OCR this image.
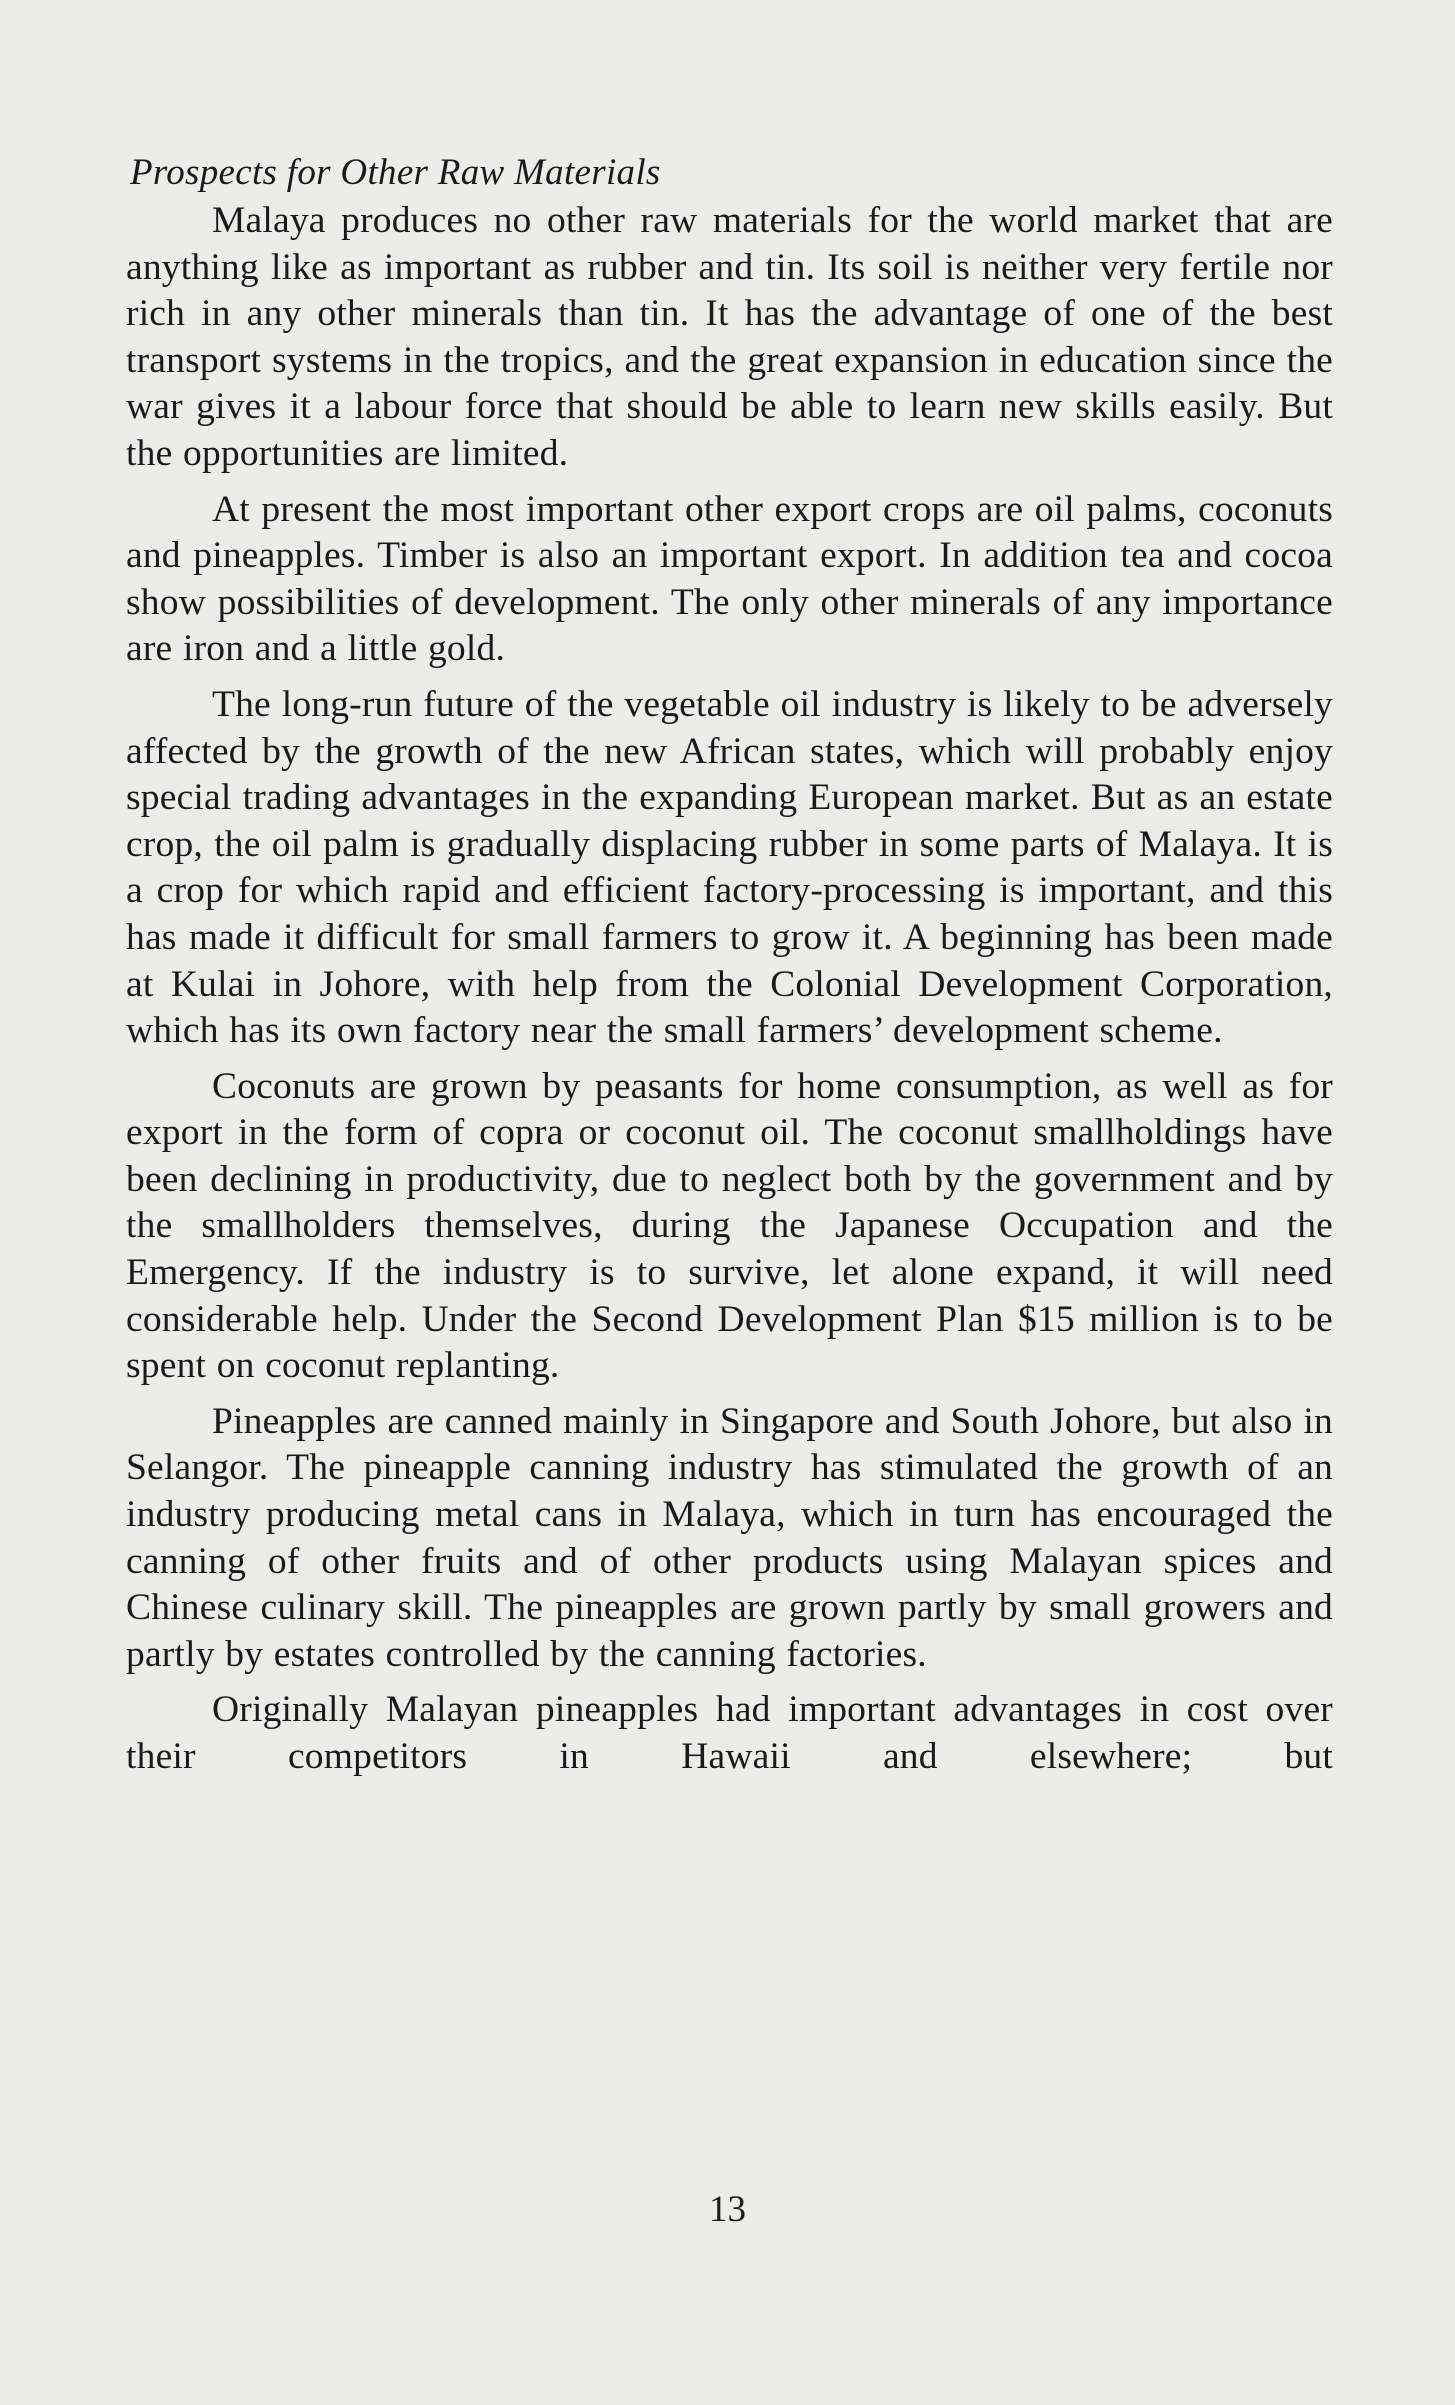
Prospects for Other Raw Materials

Malaya produces no other raw materials for the world market that are anything like as important as rubber and tin. Its soil is neither very fertile nor rich in any other minerals than tin. It has the advantage of one of the best transport systems in the tropics, and the great expansion in education since the war gives it a labour force that should be able to learn new skills easily. But the opportunities are limited.

At present the most important other export crops are oil palms, coconuts and pineapples. Timber is also an important export. In addition tea and cocoa show possibilities of development. The only other minerals of any importance are iron and a little gold.

The long-run future of the vegetable oil industry is likely to be adversely affected by the growth of the new African states, which will probably enjoy special trading advantages in the expanding European market. But as an estate crop, the oil palm is gradually displacing rubber in some parts of Malaya. It is a crop for which rapid and efficient factory-processing is important, and this has made it difficult for small farmers to grow it. A beginning has been made at Kulai in Johore, with help from the Colonial Development Corporation, which has its own factory near the small farmers’ development scheme.

Coconuts are grown by peasants for home consumption, as well as for export in the form of copra or coconut oil. The coconut smallholdings have been declining in productivity, due to neglect both by the government and by the smallholders themselves, during the Japanese Occupation and the Emergency. If the industry is to survive, let alone expand, it will need considerable help. Under the Second Development Plan $15 million is to be spent on coconut replanting.

Pineapples are canned mainly in Singapore and South Johore, but also in Selangor. The pineapple canning industry has stimulated the growth of an industry producing metal cans in Malaya, which in turn has encouraged the canning of other fruits and of other products using Malayan spices and Chinese culinary skill. The pineapples are grown partly by small growers and partly by estates controlled by the canning factories.

Originally Malayan pineapples had important advantages in cost over their competitors in Hawaii and elsewhere; but

13
